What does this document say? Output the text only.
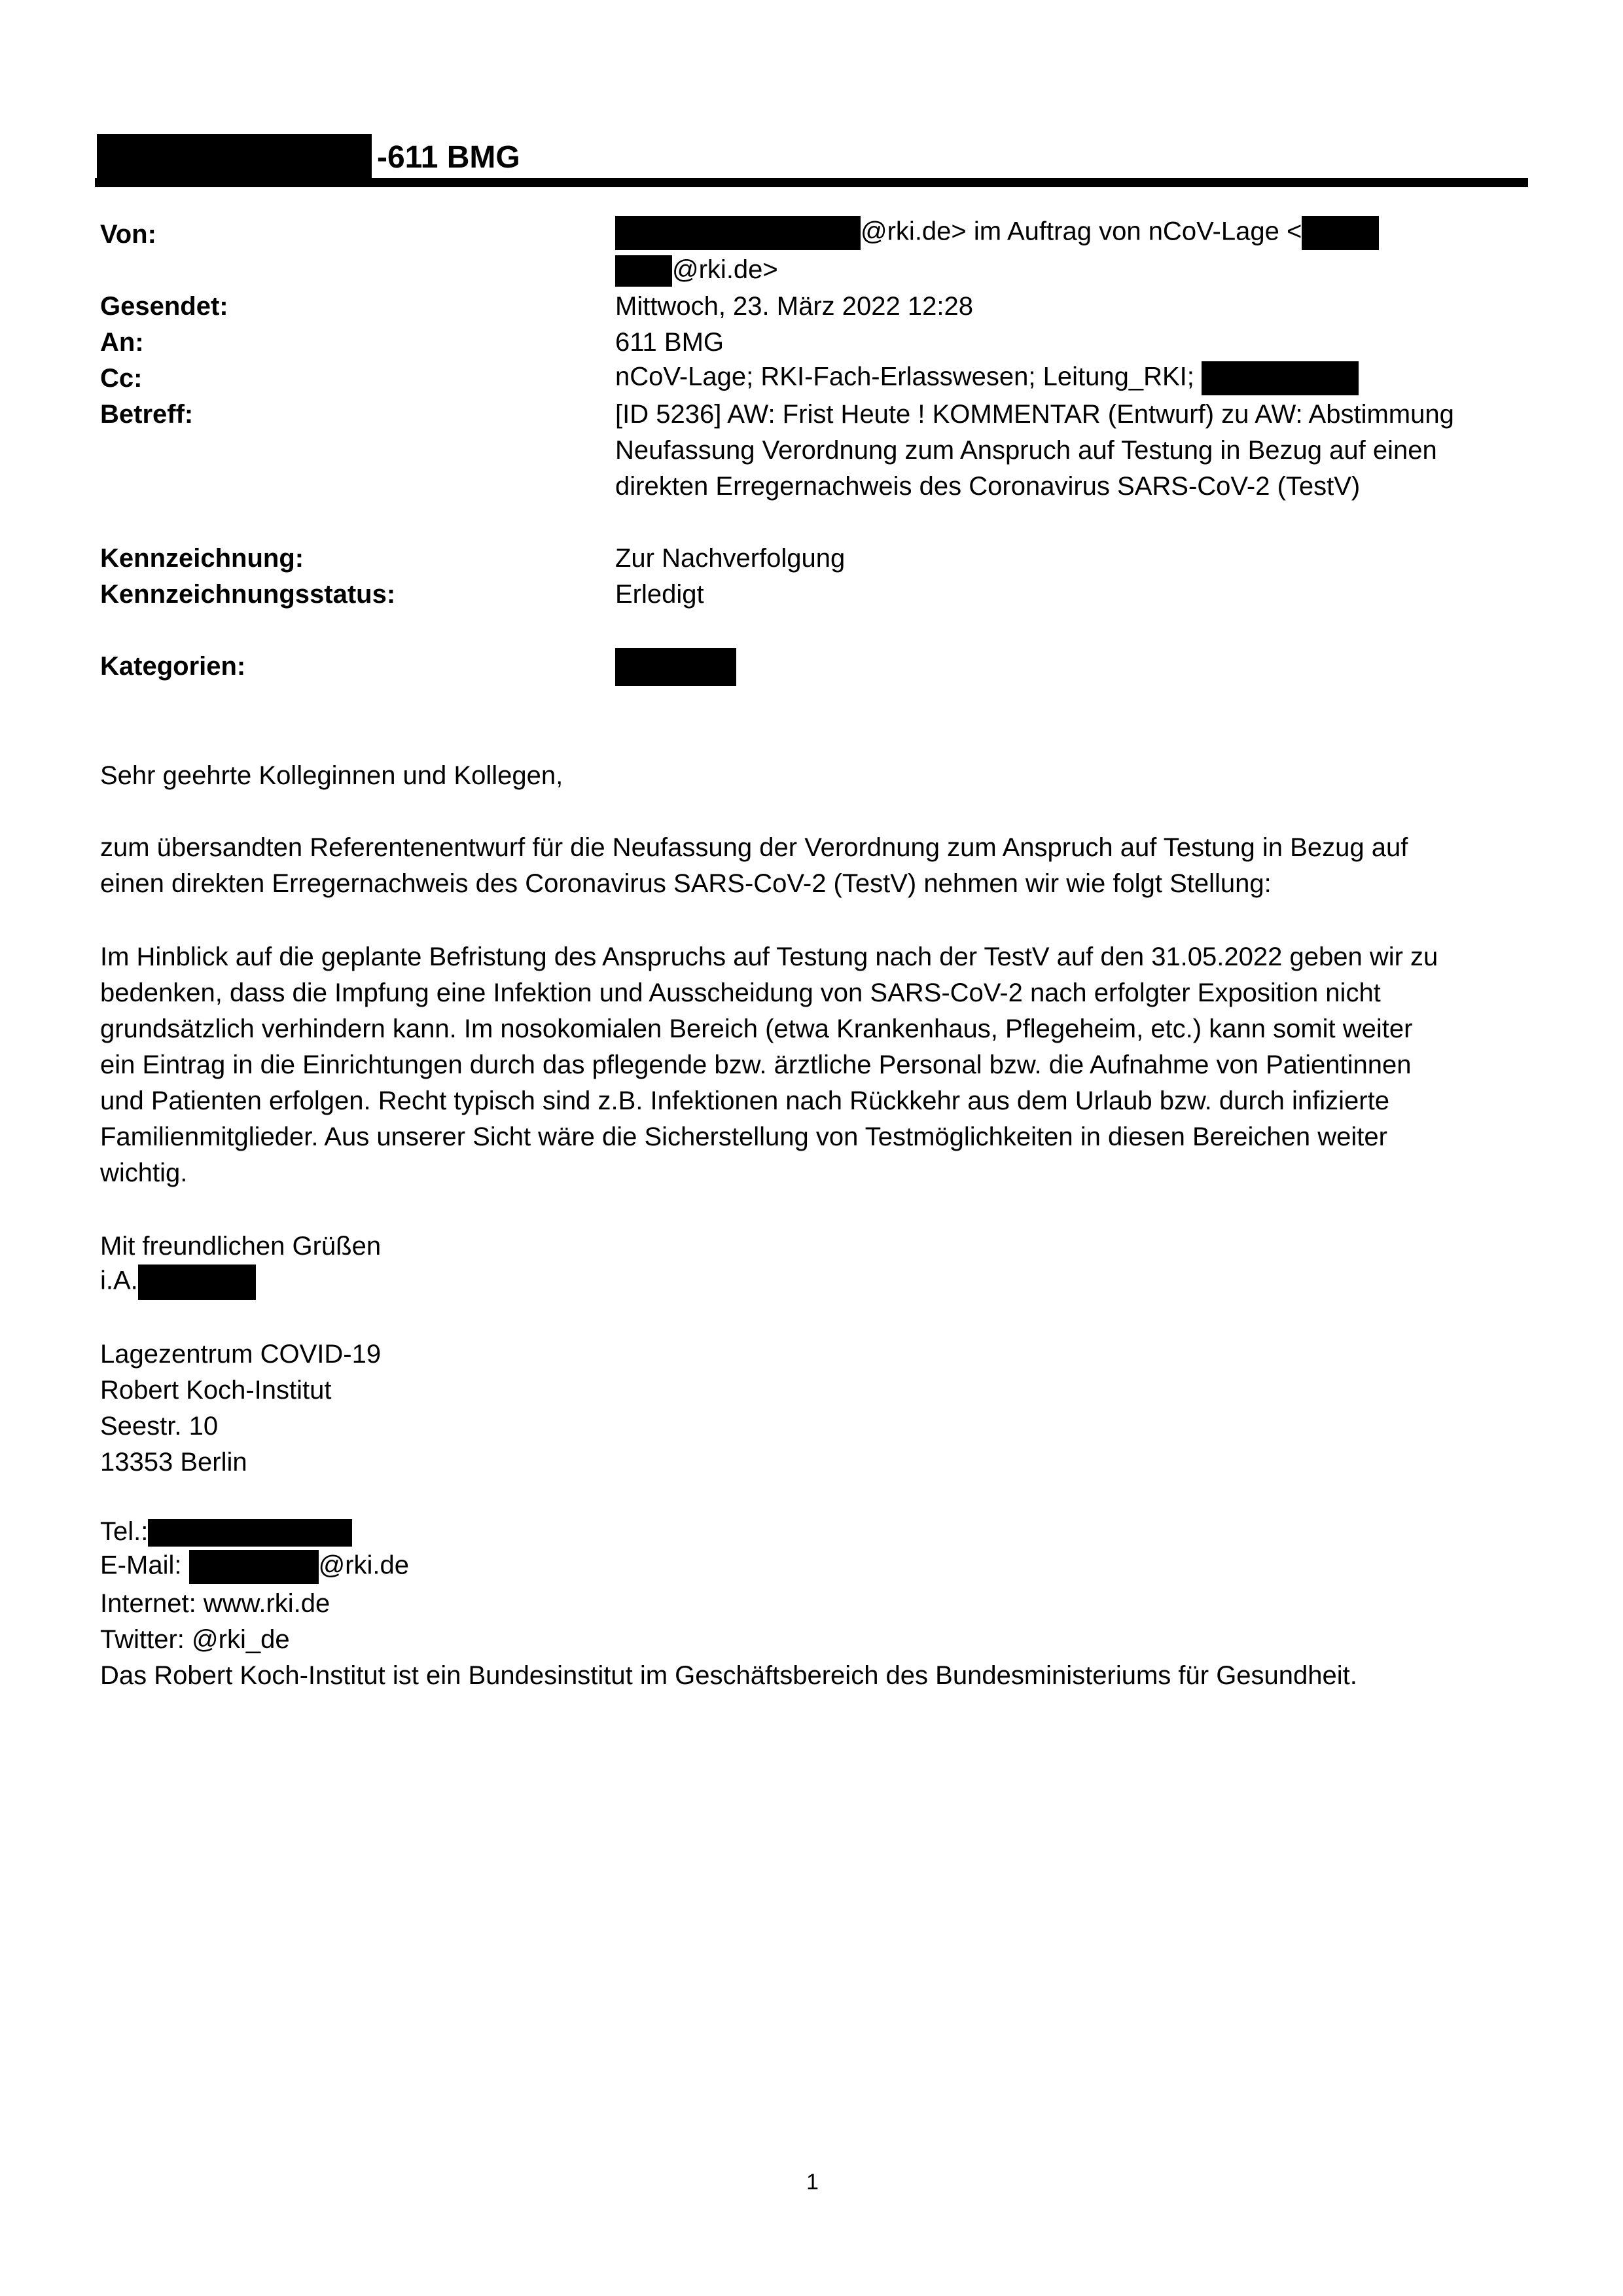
-611 BMG
Von:	@rki.de> im Auftrag von nCoV-Lage <
@rki.de>
Gesendet:	Mittwoch, 23. März 2022 12:28
An:	611 BMG
Cc:	nCoV-Lage; RKI-Fach-Erlasswesen; Leitung_RKI;
Betreff:	[ID 5236] AW: Frist Heute ! KOMMENTAR (Entwurf) zu AW: Abstimmung
Neufassung Verordnung zum Anspruch auf Testung in Bezug auf einen
direkten Erregernachweis des Coronavirus SARS-CoV-2 (TestV)
Kennzeichnung:	Zur Nachverfolgung
Kennzeichnungsstatus:	Erledigt
Kategorien:
Sehr geehrte Kolleginnen und Kollegen,
zum übersandten Referentenentwurf für die Neufassung der Verordnung zum Anspruch auf Testung in Bezug auf
einen direkten Erregernachweis des Coronavirus SARS-CoV-2 (TestV) nehmen wir wie folgt Stellung:
Im Hinblick auf die geplante Befristung des Anspruchs auf Testung nach der TestV auf den 31.05.2022 geben wir zu
bedenken, dass die Impfung eine Infektion und Ausscheidung von SARS-CoV-2 nach erfolgter Exposition nicht
grundsätzlich verhindern kann. Im nosokomialen Bereich (etwa Krankenhaus, Pflegeheim, etc.) kann somit weiter
ein Eintrag in die Einrichtungen durch das pflegende bzw. ärztliche Personal bzw. die Aufnahme von Patientinnen
und Patienten erfolgen. Recht typisch sind z.B. Infektionen nach Rückkehr aus dem Urlaub bzw. durch infizierte
Familienmitglieder. Aus unserer Sicht wäre die Sicherstellung von Testmöglichkeiten in diesen Bereichen weiter
wichtig.
Mit freundlichen Grüßen
i.A.
Lagezentrum COVID-19
Robert Koch-Institut
Seestr. 10
13353 Berlin
Tel.:
E-Mail:	@rki.de
Internet: www.rki.de
Twitter: @rki_de
Das Robert Koch-Institut ist ein Bundesinstitut im Geschäftsbereich des Bundesministeriums für Gesundheit.
1
